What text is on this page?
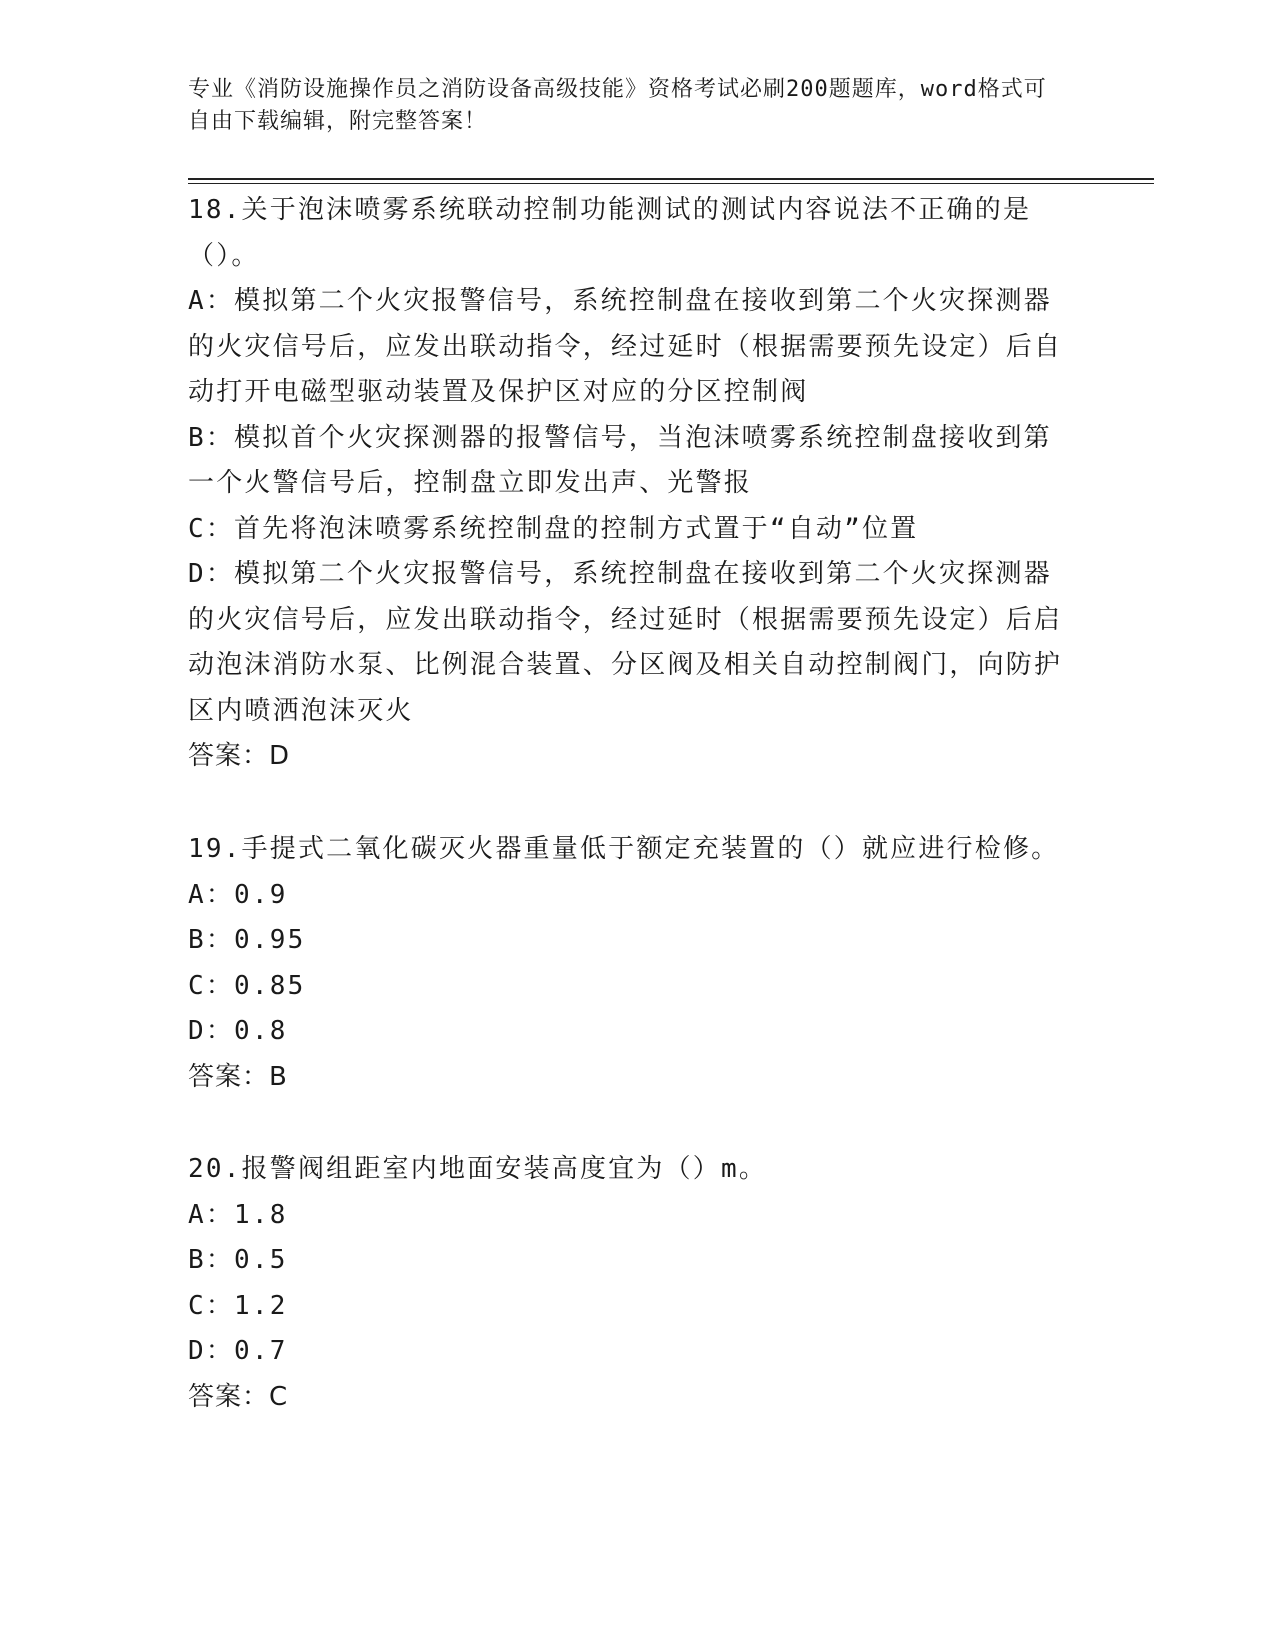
专业《消防设施操作员之消防设备高级技能》资格考试必刷200题题库，word格式可自由下载编辑，附完整答案！

18.关于泡沫喷雾系统联动控制功能测试的测试内容说法不正确的是（）。

A：模拟第二个火灾报警信号，系统控制盘在接收到第二个火灾探测器的火灾信号后，应发出联动指令，经过延时（根据需要预先设定）后自动打开电磁型驱动装置及保护区对应的分区控制阀

B：模拟首个火灾探测器的报警信号，当泡沫喷雾系统控制盘接收到第一个火警信号后，控制盘立即发出声、光警报

C：首先将泡沫喷雾系统控制盘的控制方式置于“自动”位置

D：模拟第二个火灾报警信号，系统控制盘在接收到第二个火灾探测器的火灾信号后，应发出联动指令，经过延时（根据需要预先设定）后启动泡沫消防水泵、比例混合装置、分区阀及相关自动控制阀门，向防护区内喷洒泡沫灭火

答案：D

19.手提式二氧化碳灭火器重量低于额定充装置的（）就应进行检修。

A：0.9

B：0.95

C：0.85

D：0.8

答案：B

20.报警阀组距室内地面安装高度宜为（）m。

A：1.8

B：0.5

C：1.2

D：0.7

答案：C
